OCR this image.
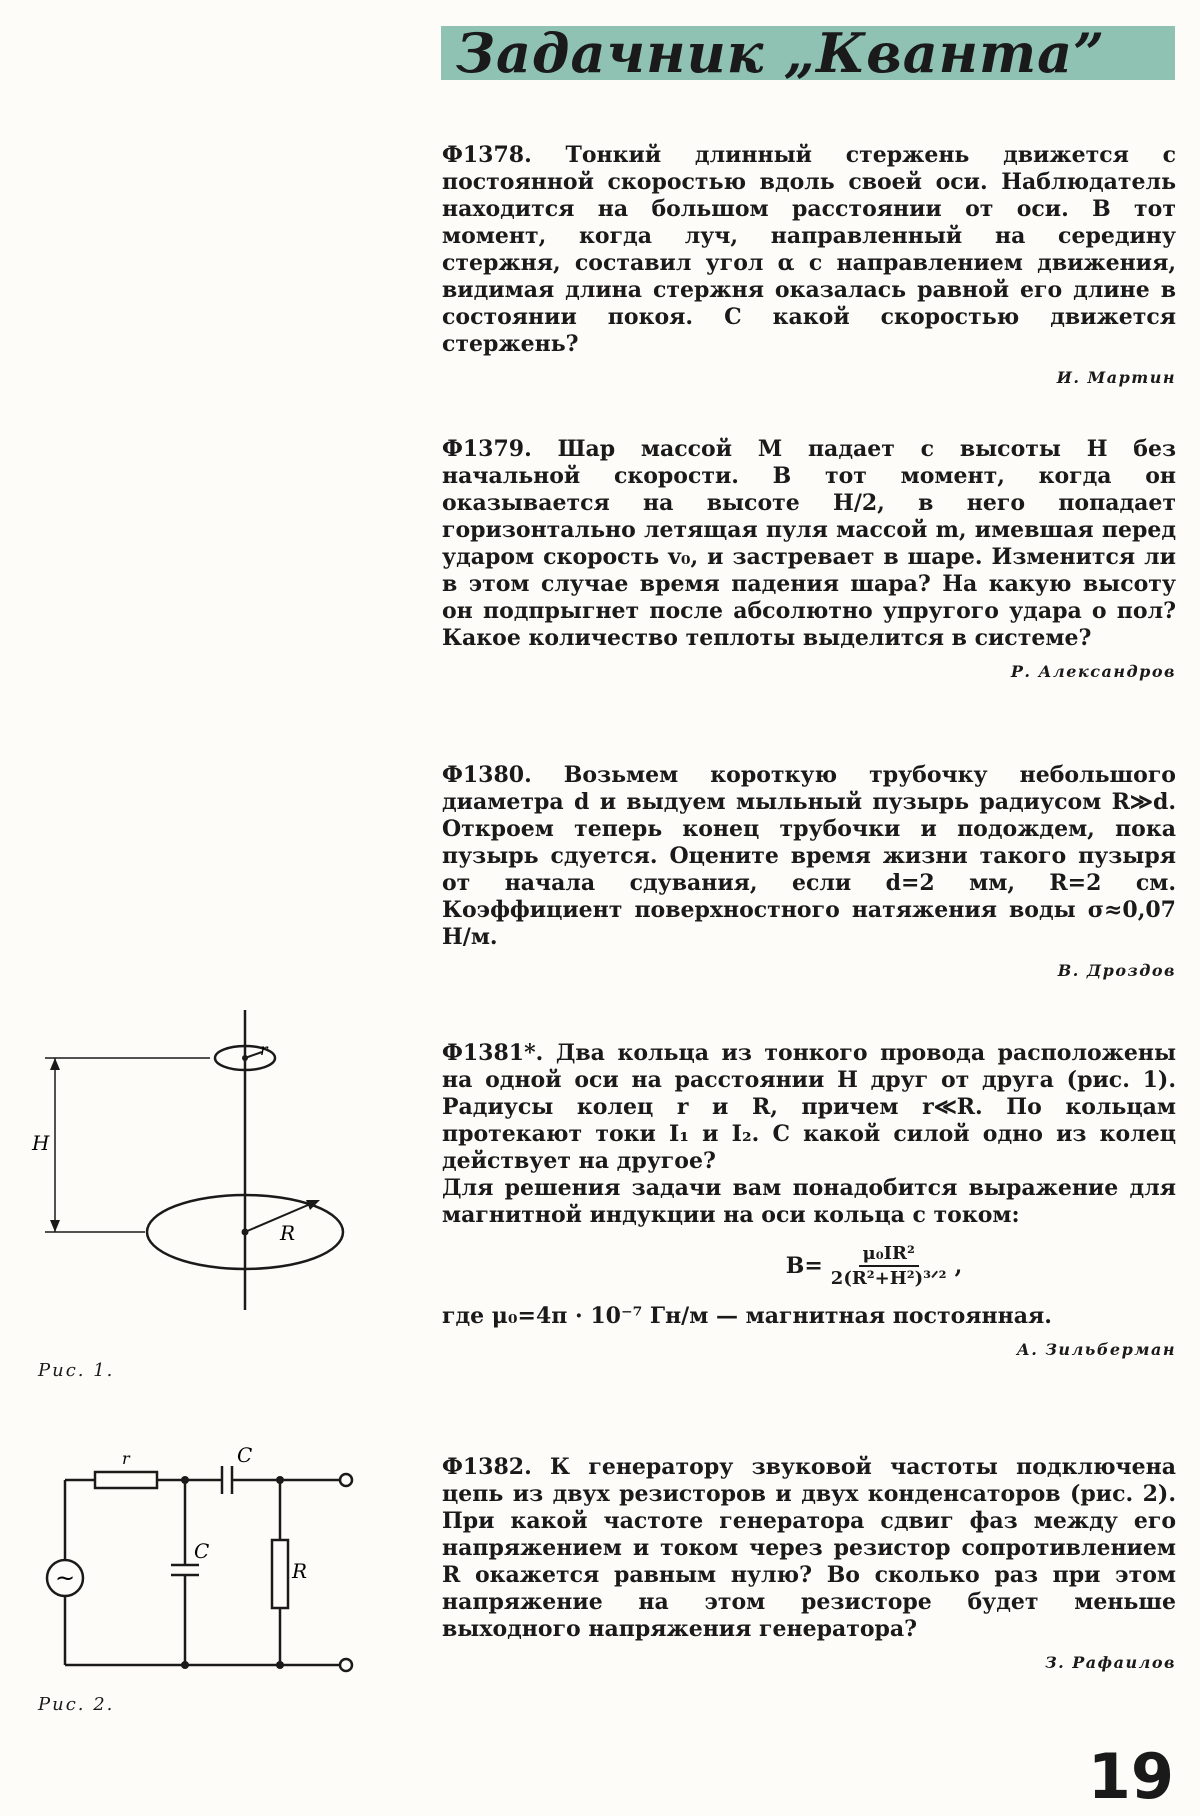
Задачник „Кванта”

Ф1378. Тонкий длинный стержень движется с постоянной скоростью вдоль своей оси. Наблюдатель находится на большом расстоянии от оси. В тот момент, когда луч, направленный на середину стержня, составил угол α с направлением движения, видимая длина стержня оказалась равной его длине в состоянии покоя. С какой скоростью движется стержень?

И. Мартин

Ф1379. Шар массой M падает с высоты H без начальной скорости. В тот момент, когда он оказывается на высоте H/2, в него попадает горизонтально летящая пуля массой m, имевшая перед ударом скорость v₀, и застревает в шаре. Изменится ли в этом случае время падения шара? На какую высоту он подпрыгнет после абсолютно упругого удара о пол? Какое количество теплоты выделится в системе?

Р. Александров

Ф1380. Возьмем короткую трубочку небольшого диаметра d и выдуем мыльный пузырь радиусом R≫d. Откроем теперь конец трубочки и подождем, пока пузырь сдуется. Оцените время жизни такого пузыря от начала сдувания, если d=2 мм, R=2 см. Коэффициент поверхностного натяжения воды σ≈0,07 Н/м.

В. Дроздов

Ф1381*. Два кольца из тонкого провода расположены на одной оси на расстоянии H друг от друга (рис. 1). Радиусы колец r и R, причем r≪R. По кольцам протекают токи I₁ и I₂. С какой силой одно из колец действует на другое?

Для решения задачи вам понадобится выражение для магнитной индукции на оси кольца с током:

$B= \frac{\text{μ₀IR²}}{\text{2(R²+H²)³ᐟ²}}$ ,

где μ₀=4π · 10⁻⁷ Гн/м — магнитная постоянная.

А. Зильберман

Ф1382. К генератору звуковой частоты подключена цепь из двух резисторов и двух конденсаторов (рис. 2). При какой частоте генератора сдвиг фаз между его напряжением и током через резистор сопротивлением R окажется равным нулю? Во сколько раз при этом напряжение на этом резисторе будет меньше выходного напряжения генератора?

З. Рафаилов
H
r
R
Рис. 1.
~
r	C
C
R
Рис. 2.
19
